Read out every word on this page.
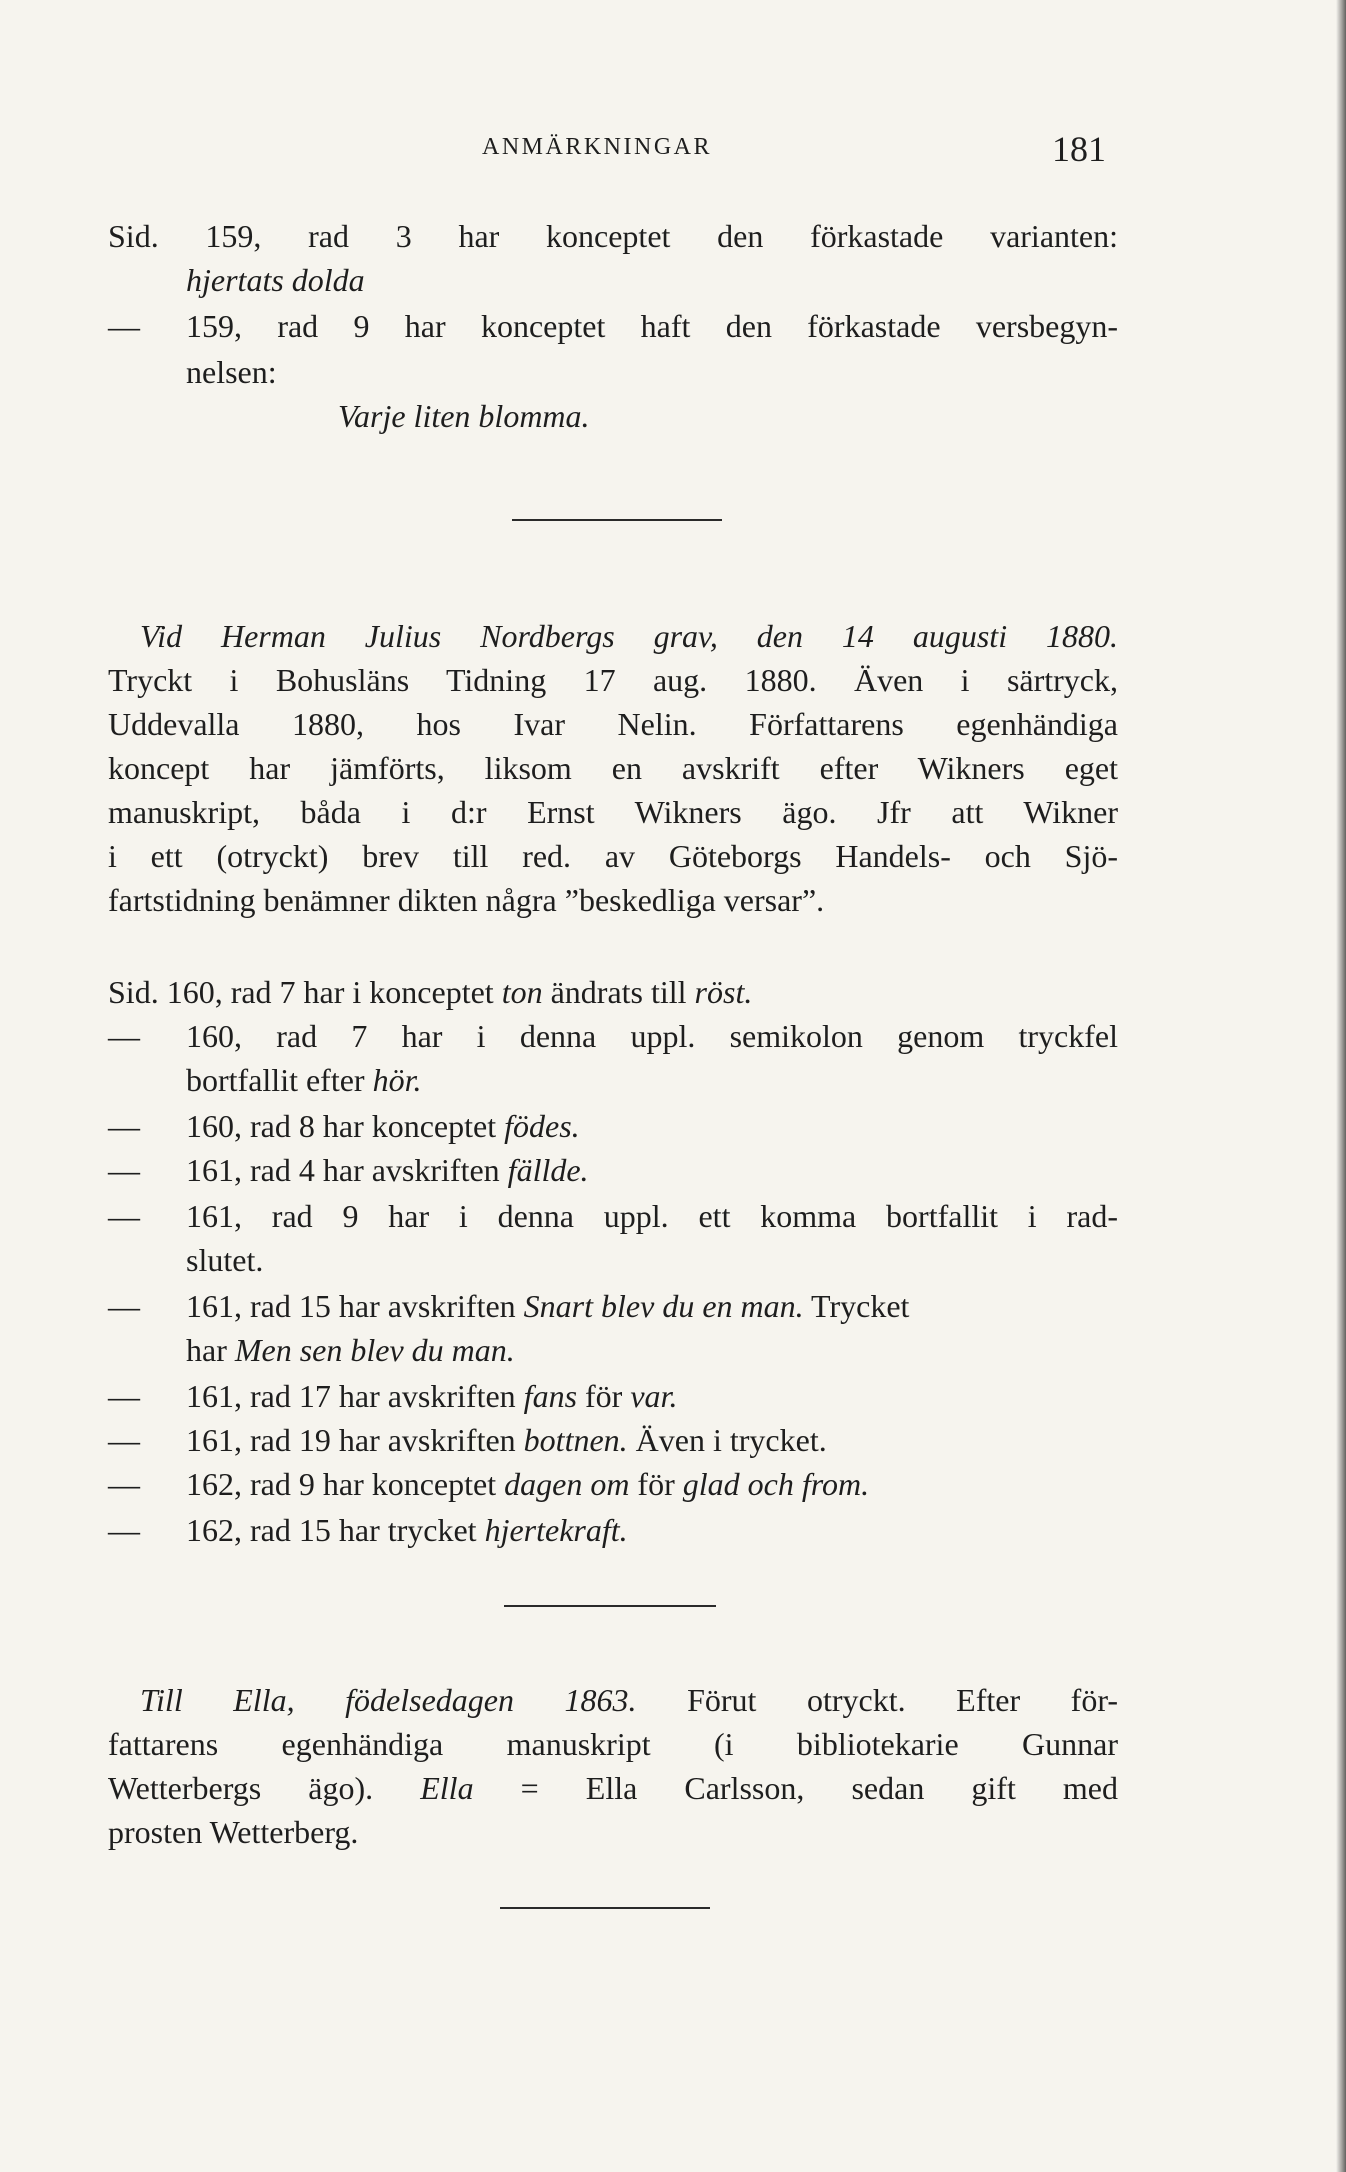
ANMÄRKNINGAR	181
Sid. 159, rad 3 har konceptet den förkastade varianten:
hjertats dolda
— 159, rad 9 har konceptet haft den förkastade versbegyn-
nelsen:
Varje liten blomma.
Vid Herman Julius Nordbergs grav, den 14 augusti 1880.
Tryckt i Bohusläns Tidning 17 aug. 1880. Även i särtryck,
Uddevalla 1880, hos Ivar Nelin. Författarens egenhändiga
koncept har jämförts, liksom en avskrift efter Wikners eget
manuskript, båda i d:r Ernst Wikners ägo. Jfr att Wikner
i ett (otryckt) brev till red. av Göteborgs Handels- och Sjö-
fartstidning benämner dikten några ”beskedliga versar”.
Sid. 160, rad 7 har i konceptet ton ändrats till röst.
— 160, rad 7 har i denna uppl. semikolon genom tryckfel
bortfallit efter hör.
— 160, rad 8 har konceptet födes.
— 161, rad 4 har avskriften fällde.
— 161, rad 9 har i denna uppl. ett komma bortfallit i rad-
slutet.
— 161, rad 15 har avskriften Snart blev du en man. Trycket
har Men sen blev du man.
— 161, rad 17 har avskriften fans för var.
— 161, rad 19 har avskriften bottnen. Även i trycket.
— 162, rad 9 har konceptet dagen om för glad och from.
— 162, rad 15 har trycket hjertekraft.
Till Ella, födelsedagen 1863. Förut otryckt. Efter för-
fattarens egenhändiga manuskript (i bibliotekarie Gunnar
Wetterbergs ägo). Ella = Ella Carlsson, sedan gift med
prosten Wetterberg.
